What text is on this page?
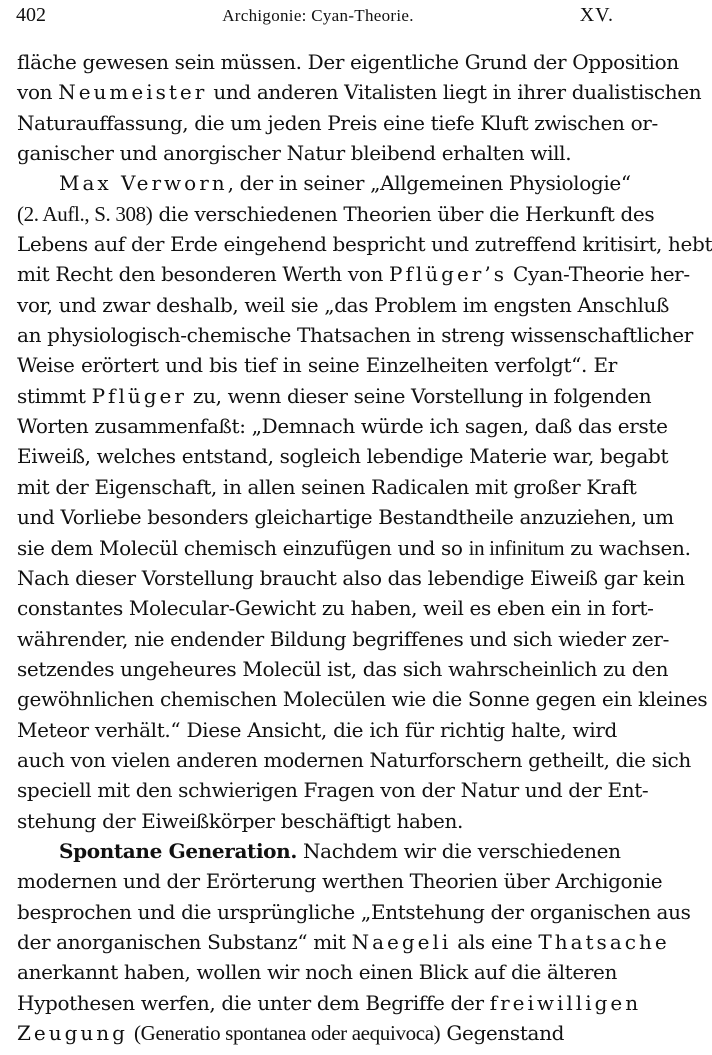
402	Archigonie: Cyan-Theorie.	XV.
fläche gewesen sein müssen. Der eigentliche Grund der Opposition
von Neumeister und anderen Vitalisten liegt in ihrer dualistischen
Naturauffassung, die um jeden Preis eine tiefe Kluft zwischen or-
ganischer und anorgischer Natur bleibend erhalten will.
Max Verworn, der in seiner „Allgemeinen Physiologie“
(2. Aufl., S. 308) die verschiedenen Theorien über die Herkunft des
Lebens auf der Erde eingehend bespricht und zutreffend kritisirt, hebt
mit Recht den besonderen Werth von Pflüger’s Cyan-Theorie her-
vor, und zwar deshalb, weil sie „das Problem im engsten Anschluß
an physiologisch-chemische Thatsachen in streng wissenschaftlicher
Weise erörtert und bis tief in seine Einzelheiten verfolgt“. Er
stimmt Pflüger zu, wenn dieser seine Vorstellung in folgenden
Worten zusammenfaßt: „Demnach würde ich sagen, daß das erste
Eiweiß, welches entstand, sogleich lebendige Materie war, begabt
mit der Eigenschaft, in allen seinen Radicalen mit großer Kraft
und Vorliebe besonders gleichartige Bestandtheile anzuziehen, um
sie dem Molecül chemisch einzufügen und so in infinitum zu wachsen.
Nach dieser Vorstellung braucht also das lebendige Eiweiß gar kein
constantes Molecular-Gewicht zu haben, weil es eben ein in fort-
währender, nie endender Bildung begriffenes und sich wieder zer-
setzendes ungeheures Molecül ist, das sich wahrscheinlich zu den
gewöhnlichen chemischen Molecülen wie die Sonne gegen ein kleines
Meteor verhält.“ Diese Ansicht, die ich für richtig halte, wird
auch von vielen anderen modernen Naturforschern getheilt, die sich
speciell mit den schwierigen Fragen von der Natur und der Ent-
stehung der Eiweißkörper beschäftigt haben.
Spontane Generation. Nachdem wir die verschiedenen
modernen und der Erörterung werthen Theorien über Archigonie
besprochen und die ursprüngliche „Entstehung der organischen aus
der anorganischen Substanz“ mit Naegeli als eine Thatsache
anerkannt haben, wollen wir noch einen Blick auf die älteren
Hypothesen werfen, die unter dem Begriffe der freiwilligen
Zeugung (Generatio spontanea oder aequivoca) Gegenstand
